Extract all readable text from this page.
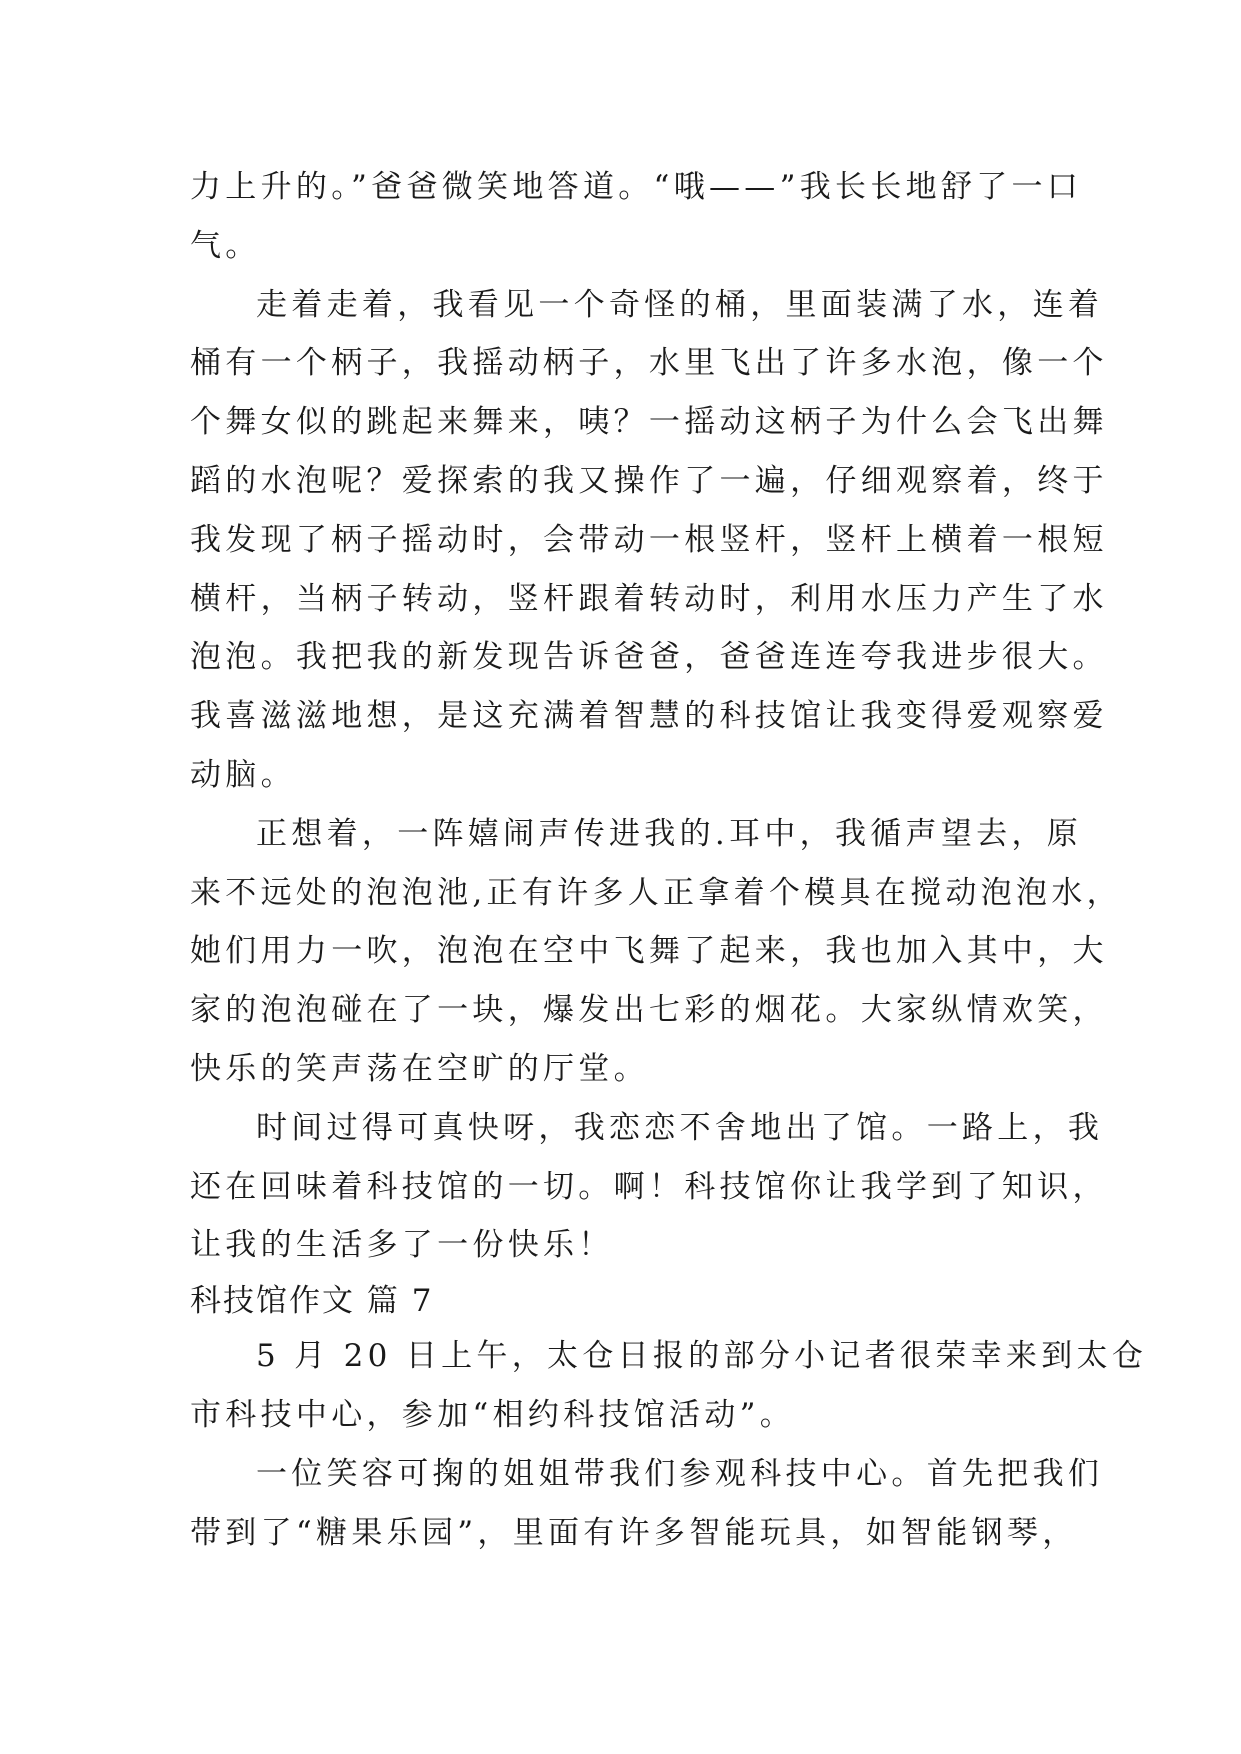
力上升的。”爸爸微笑地答道。“哦——”我长长地舒了一口
气。
走着走着，我看见一个奇怪的桶，里面装满了水，连着
桶有一个柄子，我摇动柄子，水里飞出了许多水泡，像一个
个舞女似的跳起来舞来，咦？一摇动这柄子为什么会飞出舞
蹈的水泡呢？爱探索的我又操作了一遍，仔细观察着，终于
我发现了柄子摇动时，会带动一根竖杆，竖杆上横着一根短
横杆，当柄子转动，竖杆跟着转动时，利用水压力产生了水
泡泡。我把我的新发现告诉爸爸，爸爸连连夸我进步很大。
我喜滋滋地想，是这充满着智慧的科技馆让我变得爱观察爱
动脑。
正想着，一阵嬉闹声传进我的.耳中，我循声望去，原
来不远处的泡泡池,正有许多人正拿着个模具在搅动泡泡水，
她们用力一吹，泡泡在空中飞舞了起来，我也加入其中，大
家的泡泡碰在了一块，爆发出七彩的烟花。大家纵情欢笑，
快乐的笑声荡在空旷的厅堂。
时间过得可真快呀，我恋恋不舍地出了馆。一路上，我
还在回味着科技馆的一切。啊！科技馆你让我学到了知识，
让我的生活多了一份快乐！
科技馆作文 篇 7
5 月 20 日上午，太仓日报的部分小记者很荣幸来到太仓
市科技中心，参加“相约科技馆活动”。
一位笑容可掬的姐姐带我们参观科技中心。首先把我们
带到了“糖果乐园”，里面有许多智能玩具，如智能钢琴，
